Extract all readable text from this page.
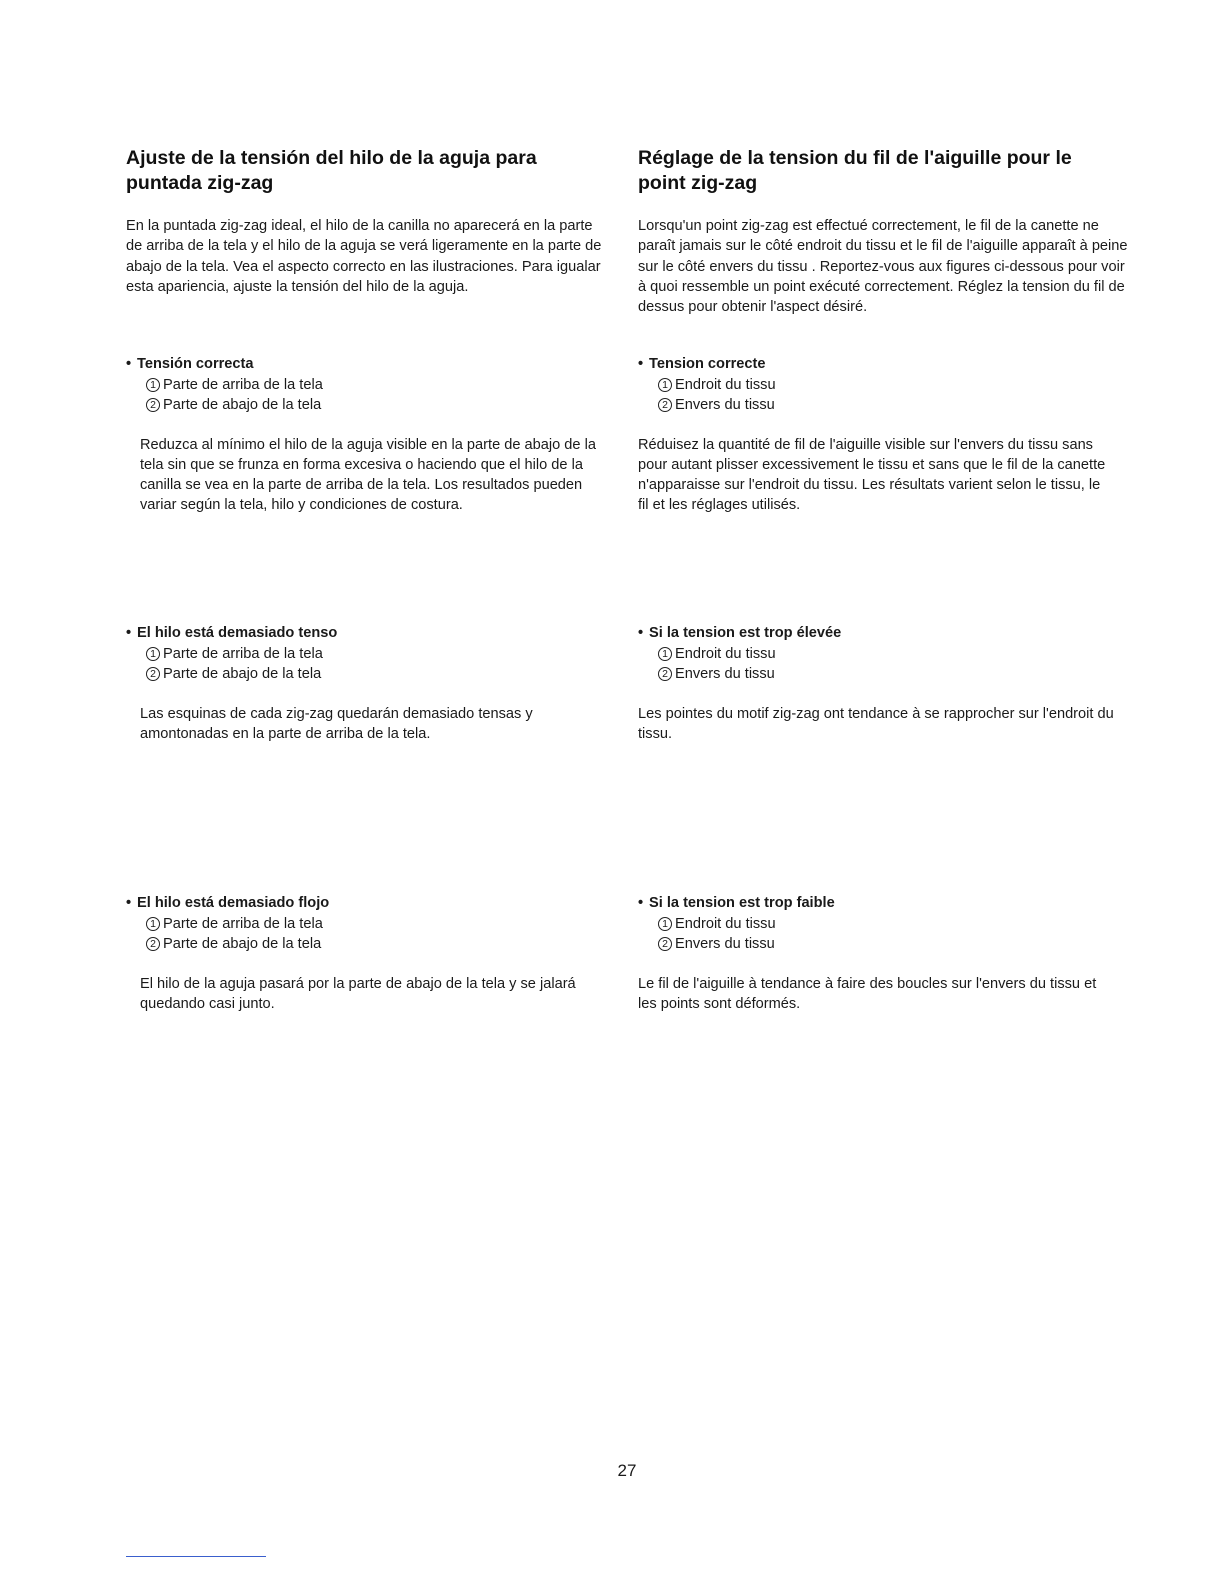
Ajuste de la tensión del hilo de la aguja para puntada zig-zag

En la puntada zig-zag ideal, el hilo de la canilla no aparecerá en la parte de arriba de la tela y el hilo de la aguja se verá ligeramente en la parte de abajo de la tela. Vea el aspecto correcto en las ilustraciones. Para igualar esta apariencia, ajuste la tensión del hilo de la aguja.

• Tensión correcta

1 Parte de arriba de la tela

2 Parte de abajo de la tela

Reduzca al mínimo el hilo de la aguja visible en la parte de abajo de la tela sin que se frunza en forma excesiva o haciendo que el hilo de la canilla se vea en la parte de arriba de la tela. Los resultados pueden variar según la tela, hilo y condiciones de costura.

• El hilo está demasiado tenso

1 Parte de arriba de la tela

2 Parte de abajo de la tela

Las esquinas de cada zig-zag quedarán demasiado tensas y amontonadas en la parte de arriba de la tela.

• El hilo está demasiado flojo

1 Parte de arriba de la tela

2 Parte de abajo de la tela

El hilo de la aguja pasará por la parte de abajo de la tela y se jalará quedando casi junto.

Réglage de la tension du fil de l'aiguille pour le point zig-zag

Lorsqu'un point zig-zag est effectué correctement, le fil de la canette ne paraît jamais sur le côté endroit du tissu et le fil de l'aiguille apparaît à peine sur le côté envers du tissu . Reportez-vous aux figures ci-dessous pour voir à quoi ressemble un point exécuté correctement. Réglez la tension du fil de dessus pour obtenir l'aspect désiré.

• Tension correcte

1 Endroit du tissu

2 Envers du tissu

Réduisez la quantité de fil de l'aiguille visible sur l'envers du tissu sans pour autant plisser excessivement le tissu et sans que le fil de la canette n'apparaisse sur l'endroit du tissu. Les résultats varient selon le tissu, le fil et les réglages utilisés.

• Si la tension est trop élevée

1 Endroit du tissu

2 Envers du tissu

Les pointes du motif zig-zag ont tendance à se rapprocher sur l'endroit du tissu.

• Si la tension est trop faible

1 Endroit du tissu

2 Envers du tissu

Le fil de l'aiguille à tendance à faire des boucles sur l'envers du tissu et les points sont déformés.

27
